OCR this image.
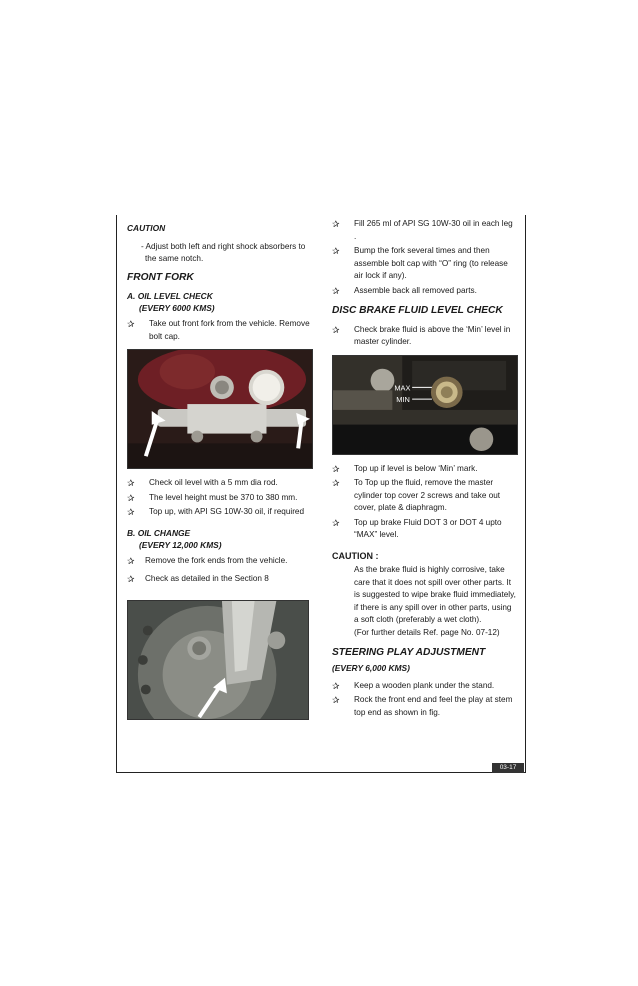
CAUTION
- Adjust both left and right shock absorbers to the same notch.
FRONT FORK
A. OIL LEVEL CHECK
(EVERY 6000 KMS)
✰	Take out front fork from the vehicle. Remove bolt cap.
✰	Check oil level with a 5 mm dia rod.
✰	The level height must be 370 to 380 mm.
✰	Top up, with API SG 10W-30 oil, if required
B. OIL CHANGE
(EVERY 12,000 KMS)
✰	Remove the fork ends from the vehicle.
✰	Check as detailed in the Section 8
✰	Fill 265 ml of API SG 10W-30 oil in each leg .
✰	Bump the fork several times and then assemble bolt cap with “O” ring (to release air lock if any).
✰	Assemble back all removed parts.
DISC BRAKE FLUID LEVEL CHECK
✰	Check brake fluid is above the ‘Min’ level in master cylinder.
MAX
MIN
✰	Top up if level is below ‘Min’ mark.
✰	To Top up the fluid, remove the master cylinder top cover 2 screws and take out cover, plate & diaphragm.
✰	Top up brake Fluid DOT 3 or DOT 4 upto “MAX” level.
CAUTION :
As the brake fluid is highly corrosive, take care that it does not spill over other parts. It is suggested to wipe brake fluid immediately, if there is any spill over in other parts, using a soft cloth (preferably a wet cloth).
(For further details Ref. page No. 07-12)
STEERING PLAY ADJUSTMENT
(EVERY 6,000 KMS)
✰	Keep a wooden plank under the stand.
✰	Rock the front end and feel the play at stem top end as shown in fig.
03-17
